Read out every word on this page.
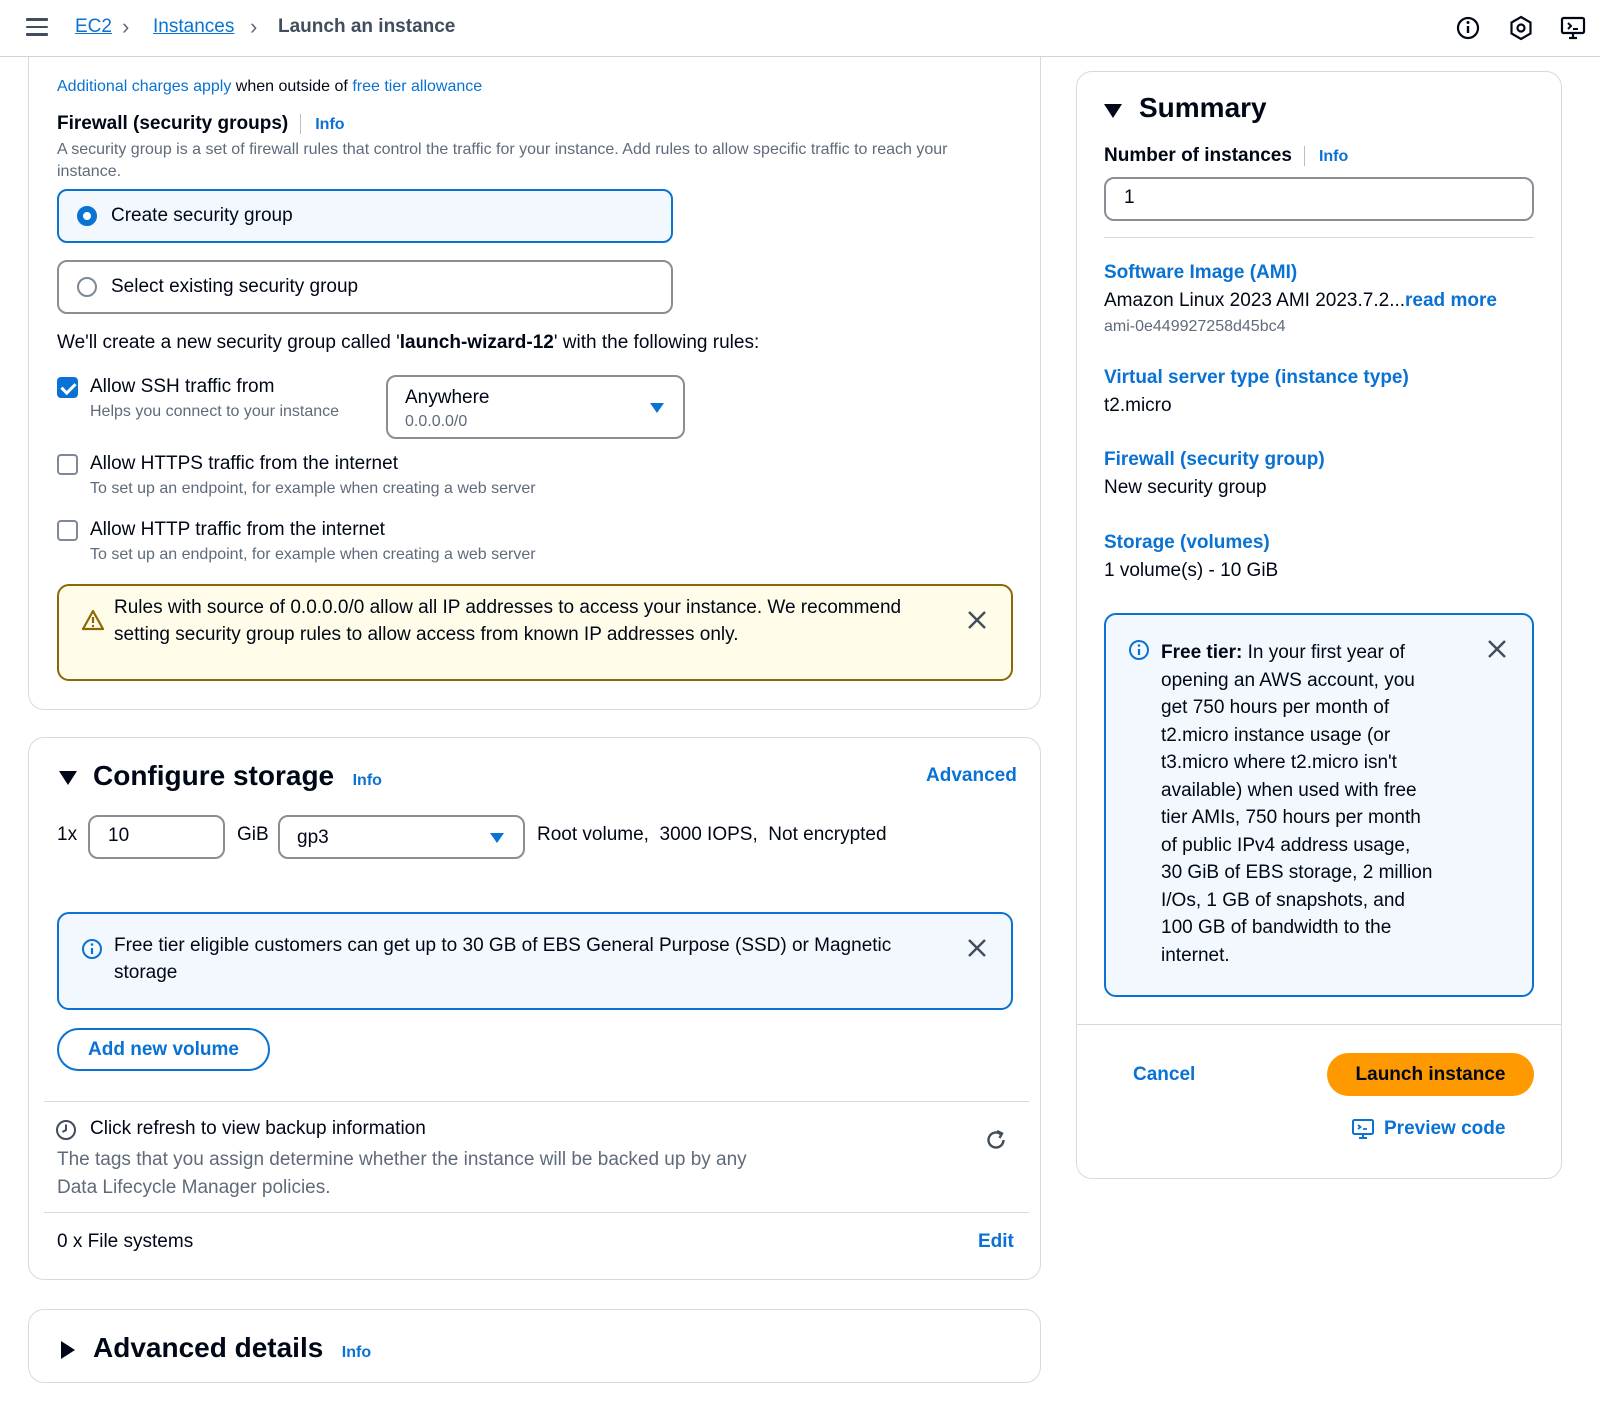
EC2 › Instances › Launch an instance
Additional charges apply when outside of free tier allowance
Firewall (security groups) Info
A security group is a set of firewall rules that control the traffic for your instance. Add rules to allow specific traffic to reach your instance.
Create security group
Select existing security group
We'll create a new security group called 'launch-wizard-12' with the following rules:
Allow SSH traffic from
Helps you connect to your instance
Anywhere
0.0.0.0/0
Allow HTTPS traffic from the internet
To set up an endpoint, for example when creating a web server
Allow HTTP traffic from the internet
To set up an endpoint, for example when creating a web server
Rules with source of 0.0.0.0/0 allow all IP addresses to access your instance. We recommend setting security group rules to allow access from known IP addresses only.
Configure storage Info	Advanced
1x	10	GiB gp3	Root volume,  3000 IOPS,  Not encrypted
Free tier eligible customers can get up to 30 GB of EBS General Purpose (SSD) or Magnetic storage
Add new volume
Click refresh to view backup information
The tags that you assign determine whether the instance will be backed up by any Data Lifecycle Manager policies.
0 x File systems	Edit
Advanced details Info
Summary
Number of instances Info
1
Software Image (AMI)
Amazon Linux 2023 AMI 2023.7.2...read more
ami-0e449927258d45bc4
Virtual server type (instance type)
t2.micro
Firewall (security group)
New security group
Storage (volumes)
1 volume(s) - 10 GiB
Free tier: In your first year of
opening an AWS account, you
get 750 hours per month of
t2.micro instance usage (or
t3.micro where t2.micro isn't
available) when used with free
tier AMIs, 750 hours per month
of public IPv4 address usage,
30 GiB of EBS storage, 2 million
I/Os, 1 GB of snapshots, and
100 GB of bandwidth to the
internet.
Cancel	Launch instance
Preview code
